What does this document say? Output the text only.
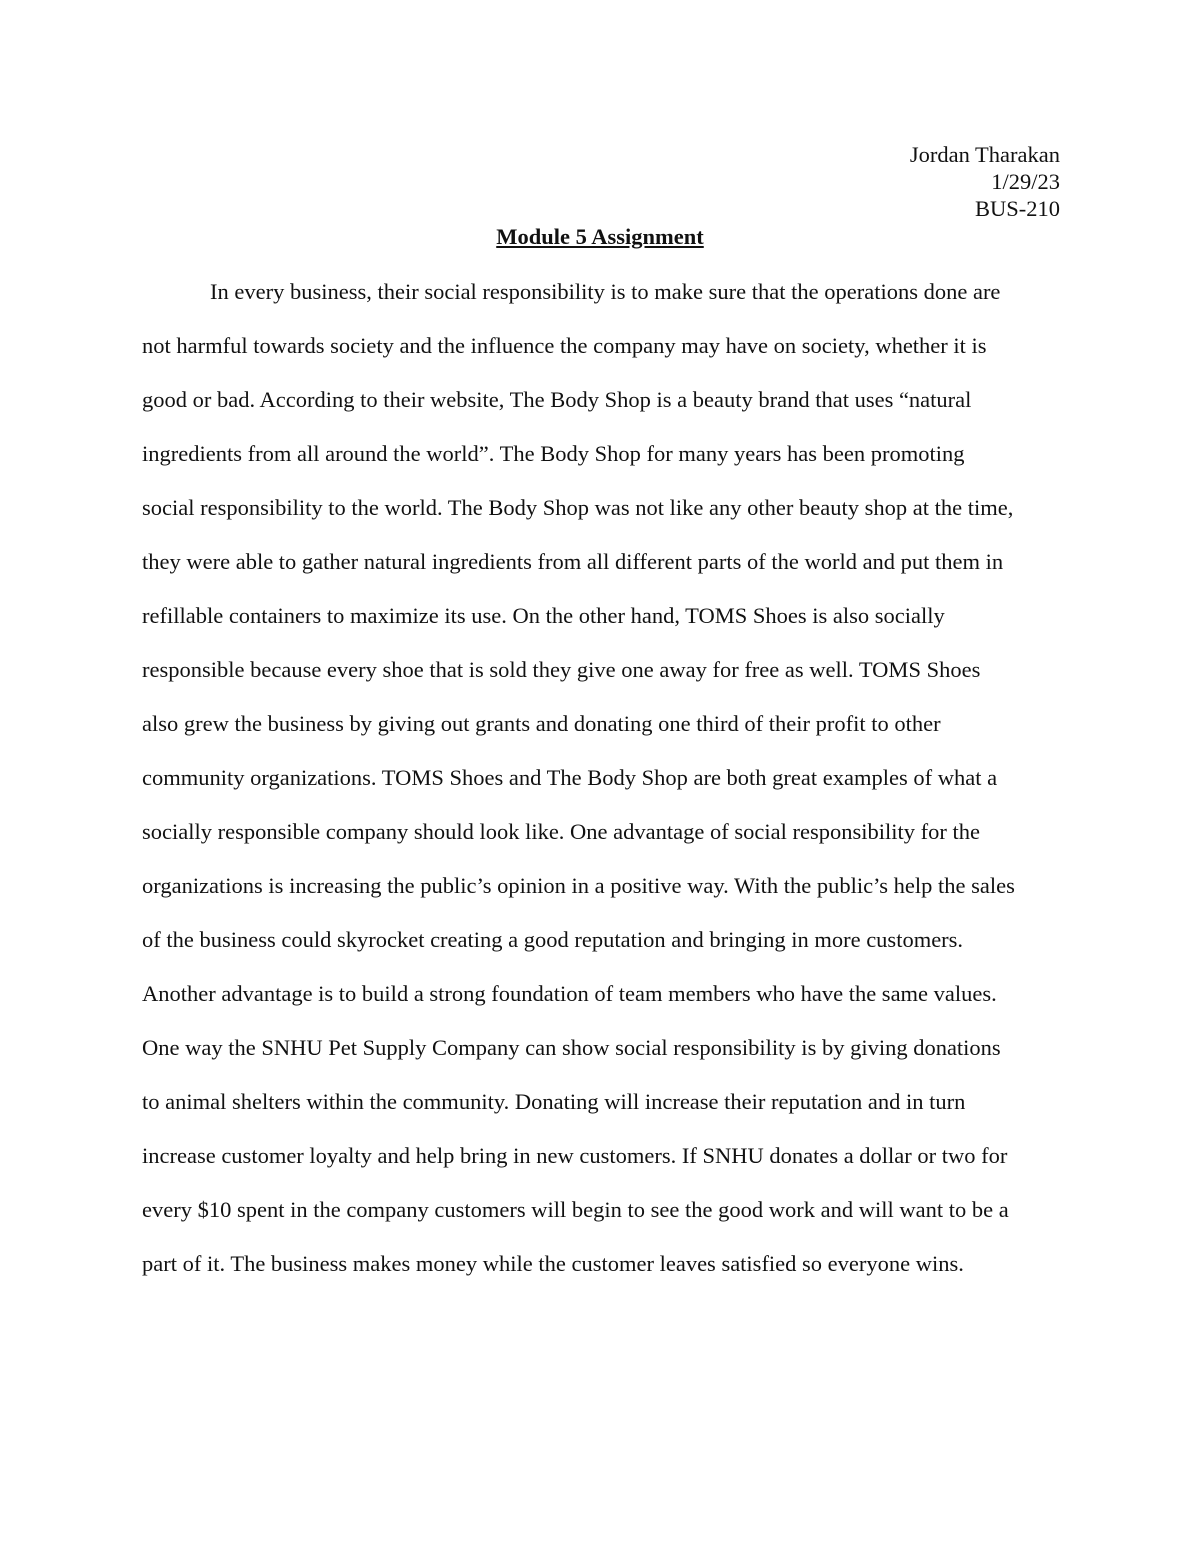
Jordan Tharakan
1/29/23
BUS-210
Module 5 Assignment
In every business, their social responsibility is to make sure that the operations done are
not harmful towards society and the influence the company may have on society, whether it is
good or bad. According to their website, The Body Shop is a beauty brand that uses “natural
ingredients from all around the world”. The Body Shop for many years has been promoting
social responsibility to the world. The Body Shop was not like any other beauty shop at the time,
they were able to gather natural ingredients from all different parts of the world and put them in
refillable containers to maximize its use. On the other hand, TOMS Shoes is also socially
responsible because every shoe that is sold they give one away for free as well. TOMS Shoes
also grew the business by giving out grants and donating one third of their profit to other
community organizations. TOMS Shoes and The Body Shop are both great examples of what a
socially responsible company should look like. One advantage of social responsibility for the
organizations is increasing the public’s opinion in a positive way. With the public’s help the sales
of the business could skyrocket creating a good reputation and bringing in more customers.
Another advantage is to build a strong foundation of team members who have the same values.
One way the SNHU Pet Supply Company can show social responsibility is by giving donations
to animal shelters within the community. Donating will increase their reputation and in turn
increase customer loyalty and help bring in new customers. If SNHU donates a dollar or two for
every $10 spent in the company customers will begin to see the good work and will want to be a
part of it. The business makes money while the customer leaves satisfied so everyone wins.
